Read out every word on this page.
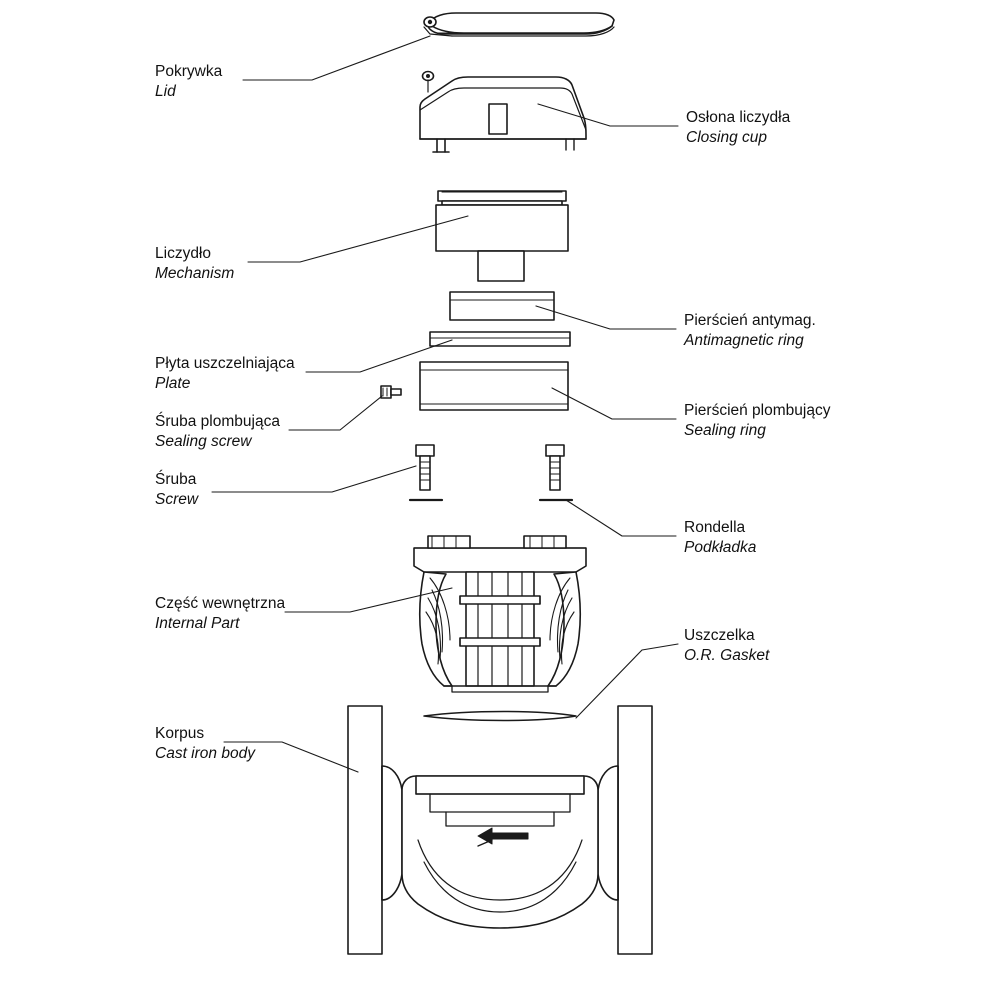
Pokrywka
Lid
Osłona liczydła
Closing cup
Liczydło
Mechanism
Pierścień antymag.
Antimagnetic ring
Płyta uszczelniająca
Plate
Pierścień plombujący
Sealing ring
Śruba plombująca
Sealing screw
Śruba
Screw
Rondella
Podkładka
Część wewnętrzna
Internal Part
Uszczelka
O.R. Gasket
Korpus
Cast iron body
